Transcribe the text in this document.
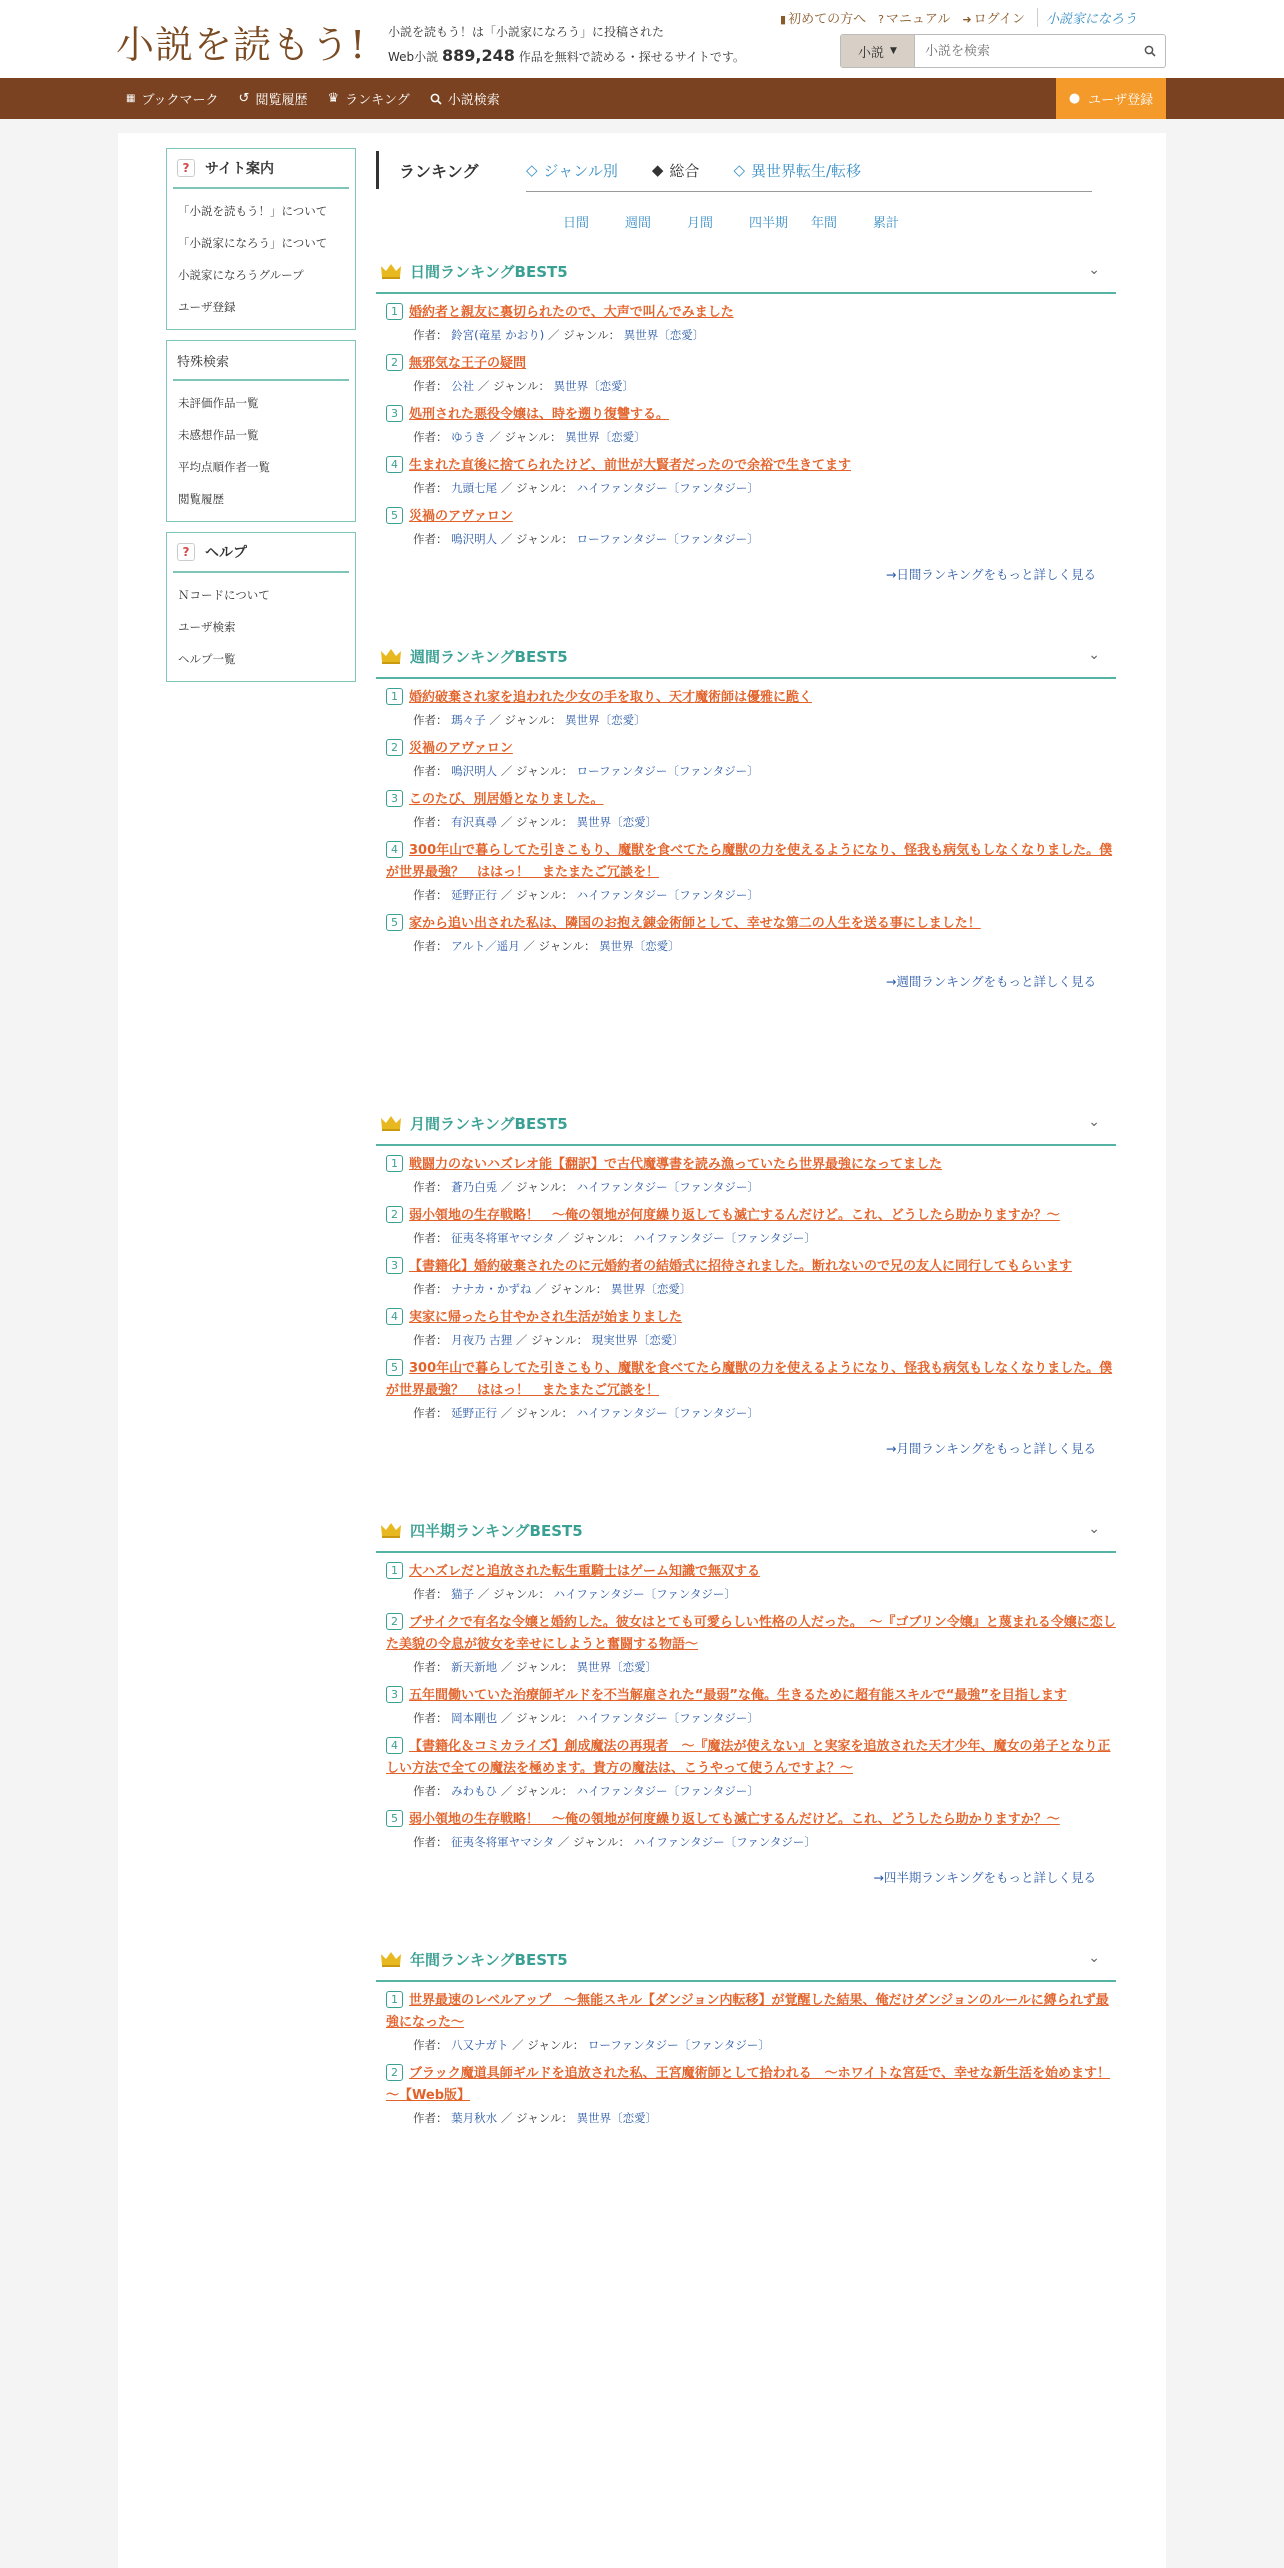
小説を読もう! 小説を読もう！は「小説家になろう」に投稿された
Web小説 889,248 作品を無料で読める・探せるサイトです。
▮ 初めての方へ ? マニュアル ➜ ログイン	小説家になろう
小説 ▼
小説を検索
▦ ブックマーク ↺ 閲覧履歴 ♛ ランキング	小説検索	● ユーザ登録
?	サイト案内
「小説を読もう！」について
「小説家になろう」について
小説家になろうグループ
ユーザ登録
特殊検索
未評価作品一覧
未感想作品一覧
平均点順作者一覧
閲覧履歴
?	ヘルプ
Ｎコードについて
ユーザ検索
ヘルプ一覧
ランキング	◇ ジャンル別 ◆ 総合 ◇ 異世界転生/転移
日間	週間	月間	四半期	年間	累計
日間ランキングBEST5	⌄
1 婚約者と親友に裏切られたので、大声で叫んでみました
作者： 鈴宮(竜星 かおり) ／ ジャンル： 異世界〔恋愛〕
2 無邪気な王子の疑問
作者： 公社 ／ ジャンル： 異世界〔恋愛〕
3 処刑された悪役令嬢は、時を遡り復讐する。
作者： ゆうき ／ ジャンル： 異世界〔恋愛〕
4 生まれた直後に捨てられたけど、前世が大賢者だったので余裕で生きてます
作者： 九頭七尾 ／ ジャンル： ハイファンタジー〔ファンタジー〕
5 災禍のアヴァロン
作者： 鳴沢明人 ／ ジャンル： ローファンタジー〔ファンタジー〕
→日間ランキングをもっと詳しく見る
週間ランキングBEST5	⌄
1 婚約破棄され家を追われた少女の手を取り、天才魔術師は優雅に跪く
作者： 瑪々子 ／ ジャンル： 異世界〔恋愛〕
2 災禍のアヴァロン
作者： 鳴沢明人 ／ ジャンル： ローファンタジー〔ファンタジー〕
3 このたび、別居婚となりました。
作者： 有沢真尋 ／ ジャンル： 異世界〔恋愛〕
4 300年山で暮らしてた引きこもり、魔獣を食べてたら魔獣の力を使えるようになり、怪我も病気もしなくなりました。僕が世界最強？　ははっ！　またまたご冗談を！
作者： 延野正行 ／ ジャンル： ハイファンタジー〔ファンタジー〕
5 家から追い出された私は、隣国のお抱え錬金術師として、幸せな第二の人生を送る事にしました！
作者： アルト／遥月 ／ ジャンル： 異世界〔恋愛〕
→週間ランキングをもっと詳しく見る
月間ランキングBEST5	⌄
1 戦闘力のないハズレオ能【翻訳】で古代魔導書を読み漁っていたら世界最強になってました
作者： 蒼乃白兎 ／ ジャンル： ハイファンタジー〔ファンタジー〕
2 弱小領地の生存戦略！　～俺の領地が何度繰り返しても滅亡するんだけど。これ、どうしたら助かりますか？～
作者： 征夷冬将軍ヤマシタ ／ ジャンル： ハイファンタジー〔ファンタジー〕
3 【書籍化】婚約破棄されたのに元婚約者の結婚式に招待されました。断れないので兄の友人に同行してもらいます
作者： ナナカ・かずね ／ ジャンル： 異世界〔恋愛〕
4 実家に帰ったら甘やかされ生活が始まりました
作者： 月夜乃 古狸 ／ ジャンル： 現実世界〔恋愛〕
5 300年山で暮らしてた引きこもり、魔獣を食べてたら魔獣の力を使えるようになり、怪我も病気もしなくなりました。僕が世界最強？　ははっ！　またまたご冗談を！
作者： 延野正行 ／ ジャンル： ハイファンタジー〔ファンタジー〕
→月間ランキングをもっと詳しく見る
四半期ランキングBEST5	⌄
1 大ハズレだと追放された転生重騎士はゲーム知識で無双する
作者： 猫子 ／ ジャンル： ハイファンタジー〔ファンタジー〕
2 ブサイクで有名な令嬢と婚約した。彼女はとても可愛らしい性格の人だった。　～『ゴブリン令嬢』と蔑まれる令嬢に恋した美貌の令息が彼女を幸せにしようと奮闘する物語～
作者： 新天新地 ／ ジャンル： 異世界〔恋愛〕
3 五年間働いていた治療師ギルドを不当解雇された“最弱”な俺。生きるために超有能スキルで“最強”を目指します
作者： 岡本剛也 ／ ジャンル： ハイファンタジー〔ファンタジー〕
4 【書籍化＆コミカライズ】創成魔法の再現者　～『魔法が使えない』と実家を追放された天才少年、魔女の弟子となり正しい方法で全ての魔法を極めます。貴方の魔法は、こうやって使うんですよ？～
作者： みわもひ ／ ジャンル： ハイファンタジー〔ファンタジー〕
5 弱小領地の生存戦略！　～俺の領地が何度繰り返しても滅亡するんだけど。これ、どうしたら助かりますか？～
作者： 征夷冬将軍ヤマシタ ／ ジャンル： ハイファンタジー〔ファンタジー〕
→四半期ランキングをもっと詳しく見る
年間ランキングBEST5	⌄
1 世界最速のレベルアップ　～無能スキル【ダンジョン内転移】が覚醒した結果、俺だけダンジョンのルールに縛られず最強になった～
作者： 八又ナガト ／ ジャンル： ローファンタジー〔ファンタジー〕
2 ブラック魔道具師ギルドを追放された私、王宮魔術師として拾われる　～ホワイトな宮廷で、幸せな新生活を始めます！～【Web版】
作者： 葉月秋水 ／ ジャンル： 異世界〔恋愛〕
